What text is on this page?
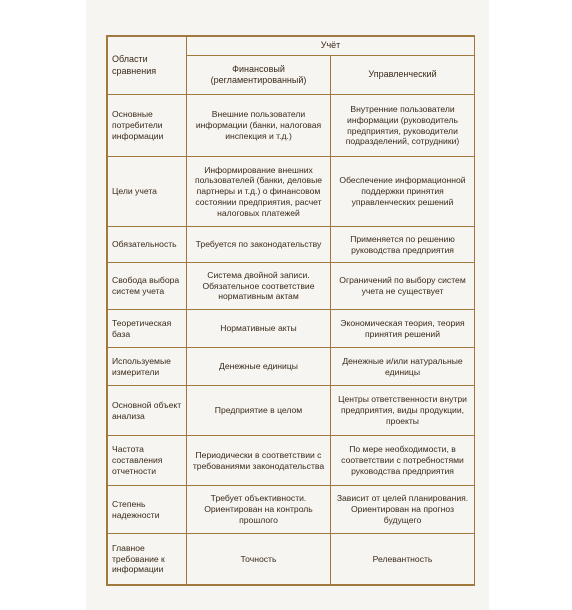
Области сравнения	Учёт	
	Финансовый (регламентированный)	Управленческий
Основные потребители информации	Внешние пользователи информации (банки, налоговая инспекция и т.д.)	Внутренние пользователи информации (руководитель предприятия, руководители подразделений, сотрудники)
Цели учета	Информирование внешних пользователей (банки, деловые партнеры и т.д.) о финансовом состоянии предприятия, расчет налоговых платежей	Обеспечение информационной поддержки принятия управленческих решений
Обязательность	Требуется по законодательству	Применяется по решению руководства предприятия
Свобода выбора систем учета	Система двойной записи. Обязательное соответствие нормативным актам	Ограничений по выбору систем учета не существует
Теоретическая база	Нормативные акты	Экономическая теория, теория принятия решений
Используемые измерители	Денежные единицы	Денежные и/или натуральные единицы
Основной объект анализа	Предприятие в целом	Центры ответственности внутри предприятия, виды продукции, проекты
Частота составления отчетности	Периодически в соответствии с требованиями законодательства	По мере необходимости, в соответствии с потребностями руководства предприятия
Степень надежности	Требует объективности. Ориентирован на контроль прошлого	Зависит от целей планирования. Ориентирован на прогноз будущего
Главное требование к информации	Точность	Релевантность
